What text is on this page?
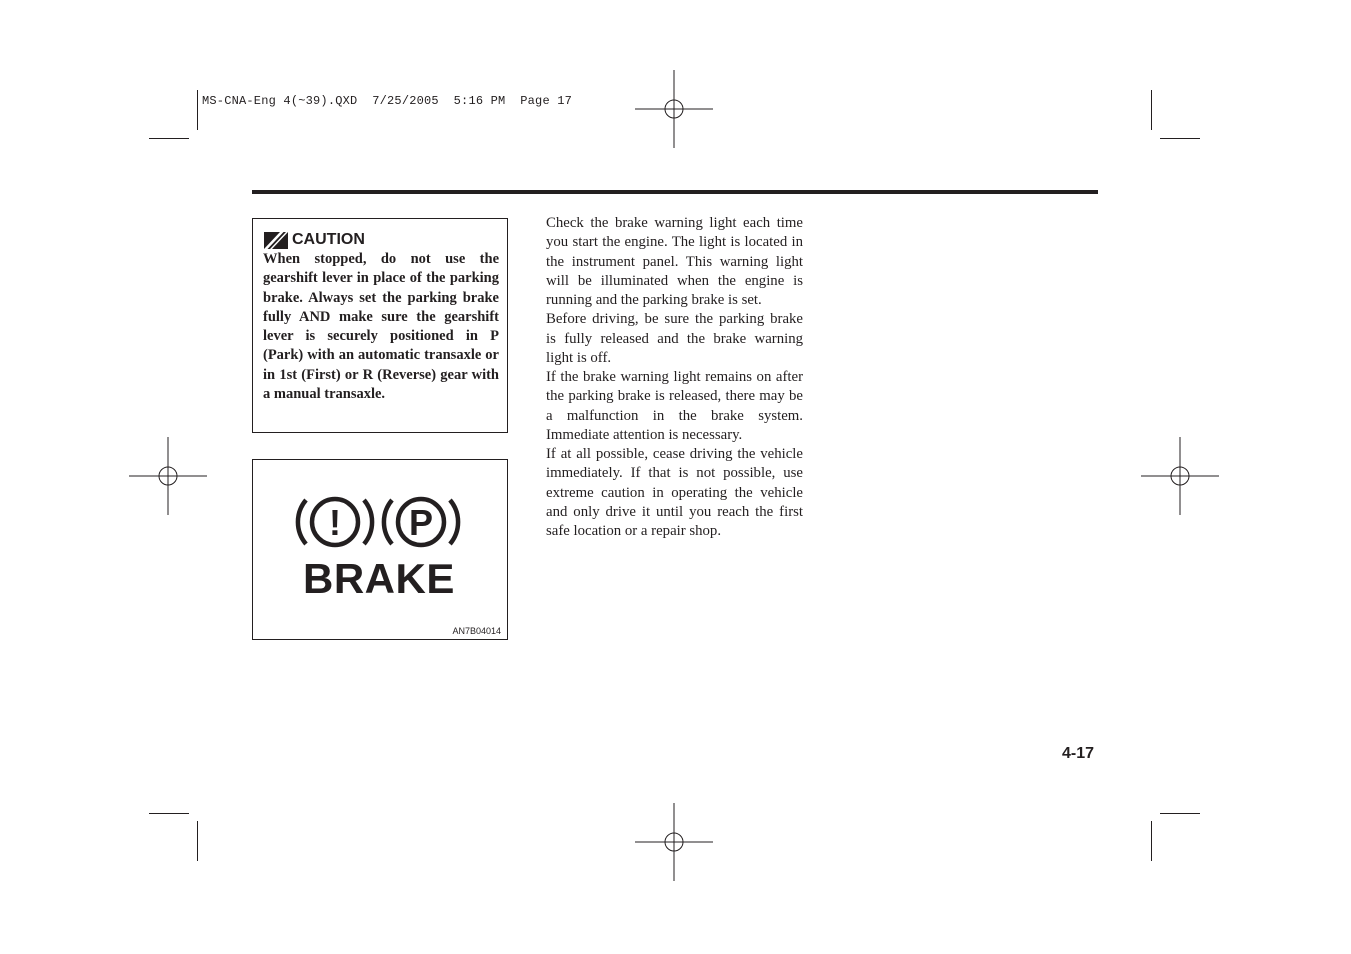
MS-CNA-Eng 4(~39).QXD  7/25/2005  5:16 PM  Page 17
CAUTION
When stopped, do not use the gearshift lever in place of the parking brake. Always set the parking brake fully AND make sure the gearshift lever is securely positioned in P (Park) with an automatic transaxle or in 1st (First) or R (Reverse) gear with a manual transaxle.
! P
BRAKE
AN7B04014

Check the brake warning light each time you start the engine. The light is located in the instrument panel. This warning light will be illuminated when the engine is running and the parking brake is set.

Before driving, be sure the parking brake is fully released and the brake warning light is off.

If the brake warning light remains on after the parking brake is released, there may be a malfunction in the brake system. Immediate attention is necessary.

If at all possible, cease driving the vehicle immediately. If that is not possible, use extreme caution in operating the vehicle and only drive it until you reach the first safe location or a repair shop.

4-17
